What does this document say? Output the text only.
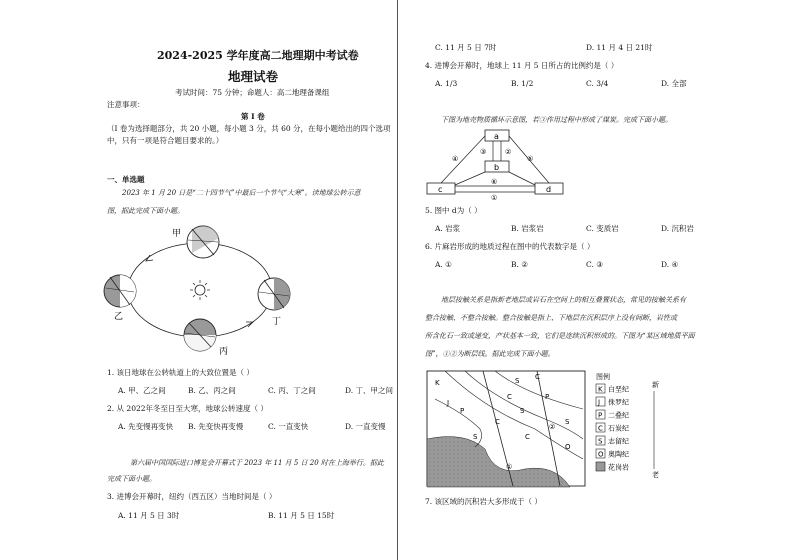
2024-2025 学年度高二地理期中考试卷
地理试卷
考试时间：75 分钟；命题人：高二地理备课组
注意事项：
第 I 卷
（I 卷为选择题部分，共 20 小题，每小题 3 分，共 60 分，在每小题给出的四个选项
中，只有一项是符合题目要求的。）
一、单选题
2023 年 1 月 20 日是“二十四节气”中最后一个节气“大寒”。读地球公转示意
图，据此完成下面小题。
甲
乙
丙
丁
1. 该日地球在公转轨道上的大致位置是（ ）
A. 甲、乙之间	B. 乙、丙之间	C. 丙、丁之间	D. 丁、甲之间
2. 从 2022年冬至日至大寒，地球公转速度（ ）
A. 先变慢再变快 B. 先变快再变慢	C. 一直变快	D. 一直变慢
第六届中国国际进口博览会开幕式于 2023 年 11 月 5 日 20 时在上海举行。据此
完成下面小题。
3. 进博会开幕时，纽约（西五区）当地时间是（ ）
A. 11 月 5 日 3时	B. 11 月 5 日 15时
C. 11 月 5 日 7时	D. 11 月 4 日 21时
4. 进博会开幕时，地球上 11 月 5 日所占的比例约是（ ）
A. 1/3	B. 1/2	C. 3/4	D. 全部
下图为地壳物质循环示意图，若③作用过程中形成了煤炭。完成下面小题。
a
b
c	d
④	⑤
③	②
⑥
①
5. 图中 d为（ ）
A. 岩浆	B. 岩浆岩	C. 变质岩	D. 沉积岩
6. 片麻岩形成的地质过程在图中的代表数字是（ ）
A. ①	B. ②	C. ③	D. ④
地层接触关系是指新老地层或岩石在空间上的相互叠置状态，常见的接触关系有
整合接触、不整合接触。整合接触是指上、下地层在沉积层序上没有间断，岩性或
所含化石一致或递变，产状基本一致，它们是连续沉积形成的。下图为“某区域地质平面
图”，①②为断层线。据此完成下面小题。
K
J
P
S C
C
S
C
P
S
C
O
S
①
②
图例
K 白垩纪
J 侏罗纪
P 二叠纪
C 石炭纪
S 志留纪
O 奥陶纪
花岗岩
新
老
7. 该区域的沉积岩大多形成于（ ）
